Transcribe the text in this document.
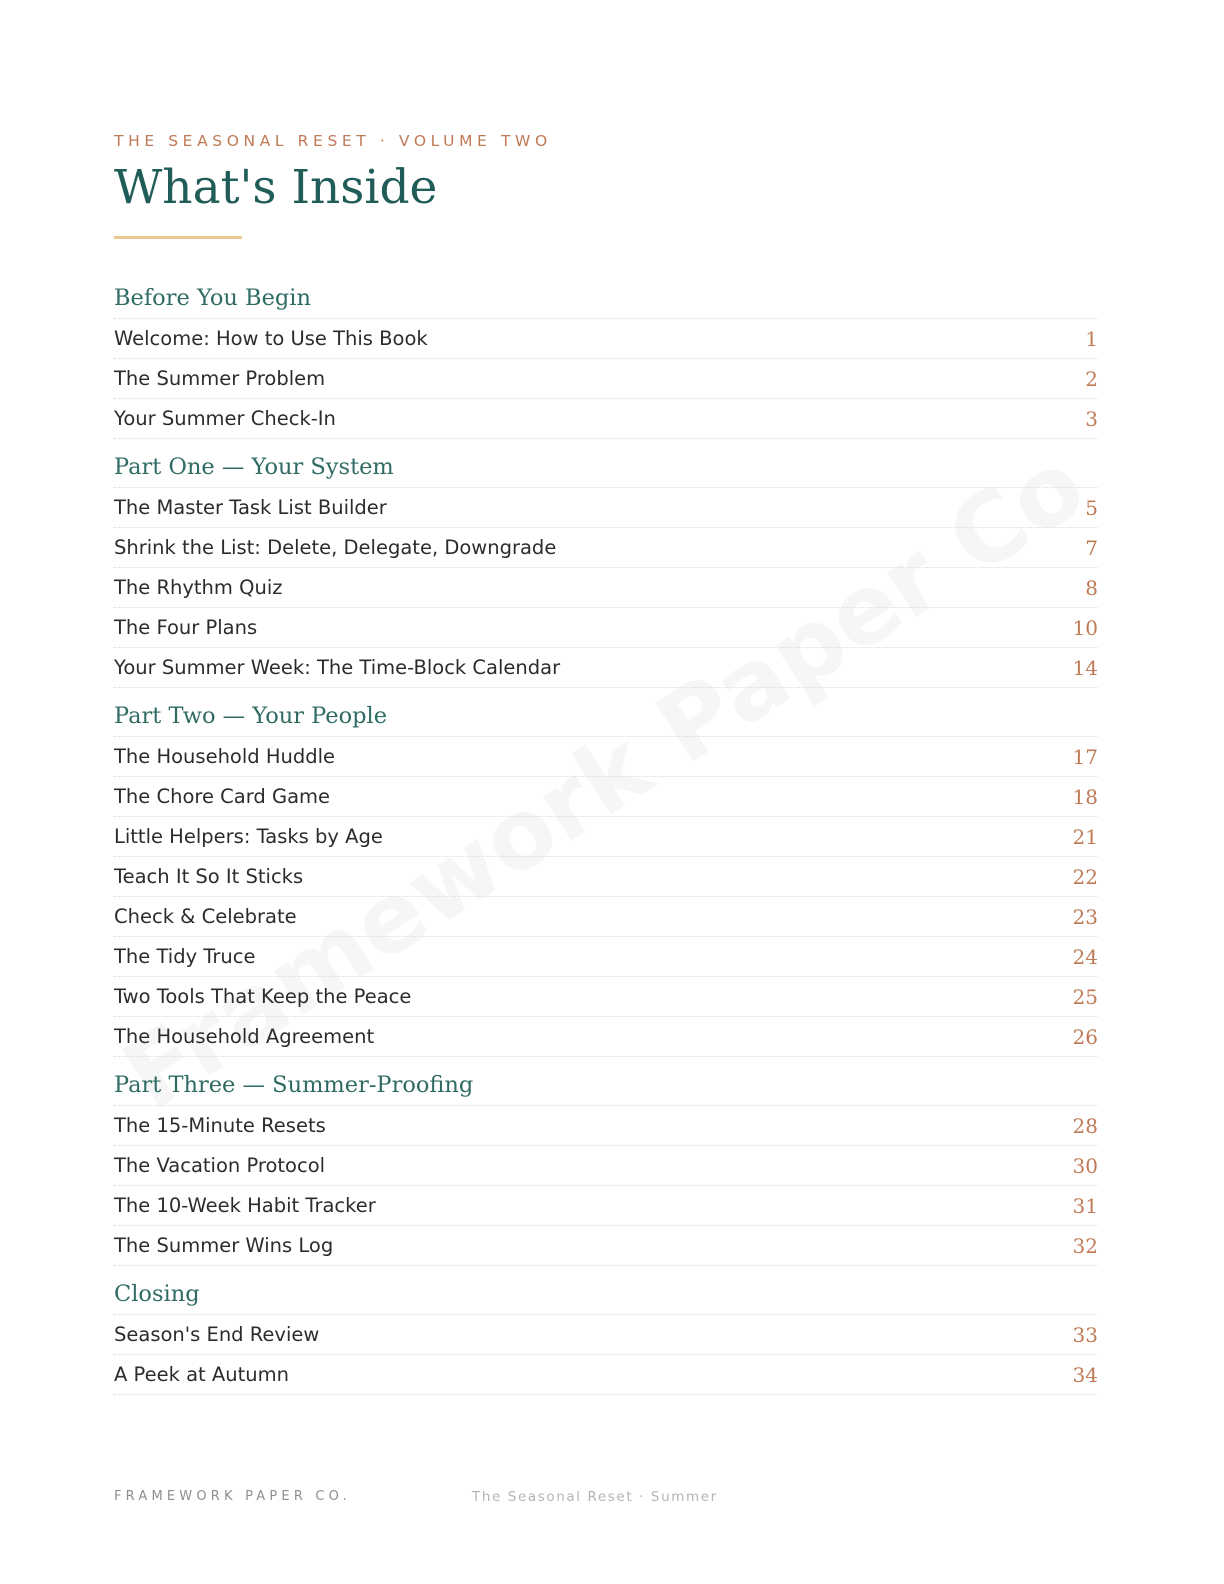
THE SEASONAL RESET · VOLUME TWO
What's Inside
Before You Begin
Welcome: How to Use This Book	1
The Summer Problem	2
Your Summer Check-In	3
Part One — Your System
The Master Task List Builder	5
Shrink the List: Delete, Delegate, Downgrade	7
The Rhythm Quiz	8
The Four Plans	10
Your Summer Week: The Time-Block Calendar	14
Part Two — Your People
The Household Huddle	17
The Chore Card Game	18
Little Helpers: Tasks by Age	21
Teach It So It Sticks	22
Check & Celebrate	23
The Tidy Truce	24
Two Tools That Keep the Peace	25
The Household Agreement	26
Part Three — Summer-Proofing
The 15-Minute Resets	28
The Vacation Protocol	30
The 10-Week Habit Tracker	31
The Summer Wins Log	32
Closing
Season's End Review	33
A Peek at Autumn	34
FRAMEWORK PAPER CO.	The Seasonal Reset · Summer
